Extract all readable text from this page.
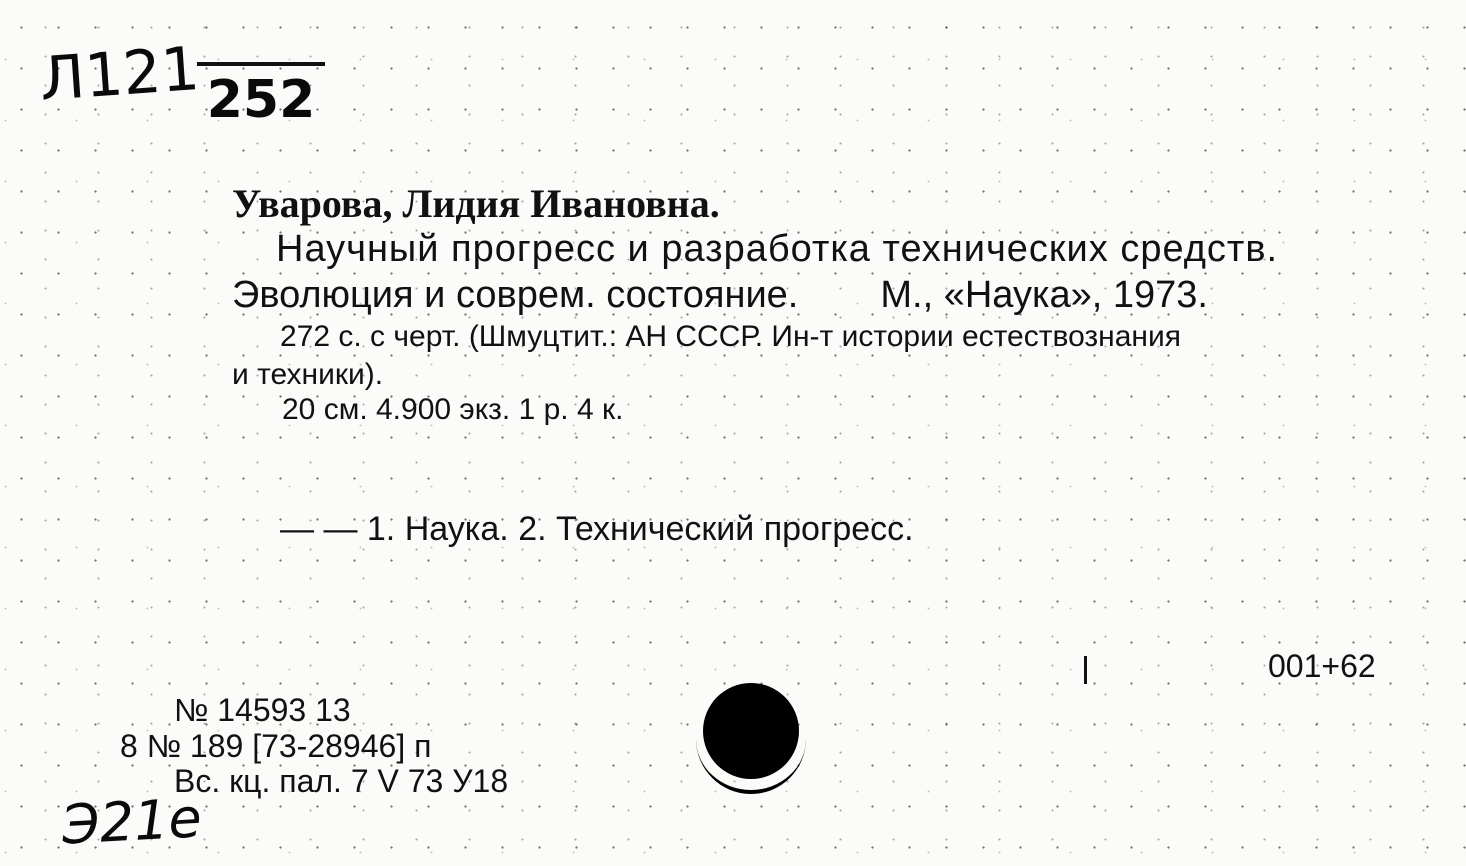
Л121 252
Уварова, Лидия Ивановна.
Научный прогресс и разработка технических средств.
Эволюция и соврем. состояние. М., «Наука», 1973.
272 с. с черт. (Шмуцтит.: АН СССР. Ин-т истории естествознания
и техники).
20 см. 4.900 экз. 1 р. 4 к.
— — 1. Наука. 2. Технический прогресс.
001+62
№ 14593 13
8 № 189 [73-28946] п
Вс. кц. пал. 7 V 73 У18
Э21е
